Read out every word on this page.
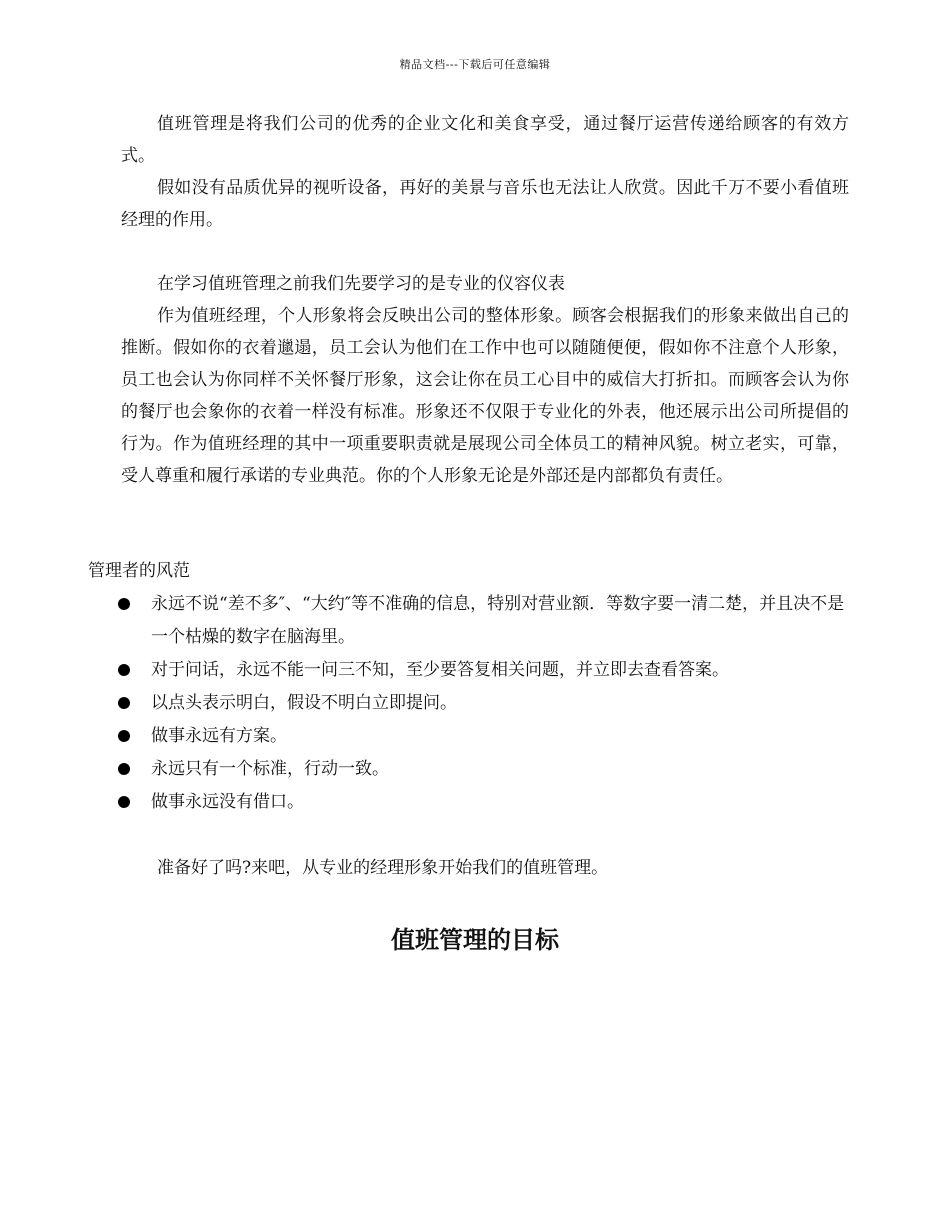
精品文档---下载后可任意编辑

值班管理是将我们公司的优秀的企业文化和美食享受，通过餐厅运营传递给顾客的有效方式。

假如没有品质优异的视听设备，再好的美景与音乐也无法让人欣赏。因此千万不要小看值班经理的作用。

在学习值班管理之前我们先要学习的是专业的仪容仪表

作为值班经理，个人形象将会反映出公司的整体形象。顾客会根据我们的形象来做出自己的推断。假如你的衣着邋遢，员工会认为他们在工作中也可以随随便便，假如你不注意个人形象，员工也会认为你同样不关怀餐厅形象，这会让你在员工心目中的威信大打折扣。而顾客会认为你的餐厅也会象你的衣着一样没有标准。形象还不仅限于专业化的外表，他还展示出公司所提倡的行为。作为值班经理的其中一项重要职责就是展现公司全体员工的精神风貌。树立老实，可靠，受人尊重和履行承诺的专业典范。你的个人形象无论是外部还是内部都负有责任。

管理者的风范

永远不说“差不多″、“大约″等不准确的信息，特别对营业额．等数字要一清二楚，并且决不是一个枯燥的数字在脑海里。
对于问话，永远不能一问三不知，至少要答复相关问题，并立即去查看答案。
以点头表示明白，假设不明白立即提问。
做事永远有方案。
永远只有一个标准，行动一致。
做事永远没有借口。

准备好了吗?来吧，从专业的经理形象开始我们的值班管理。

值班管理的目标
